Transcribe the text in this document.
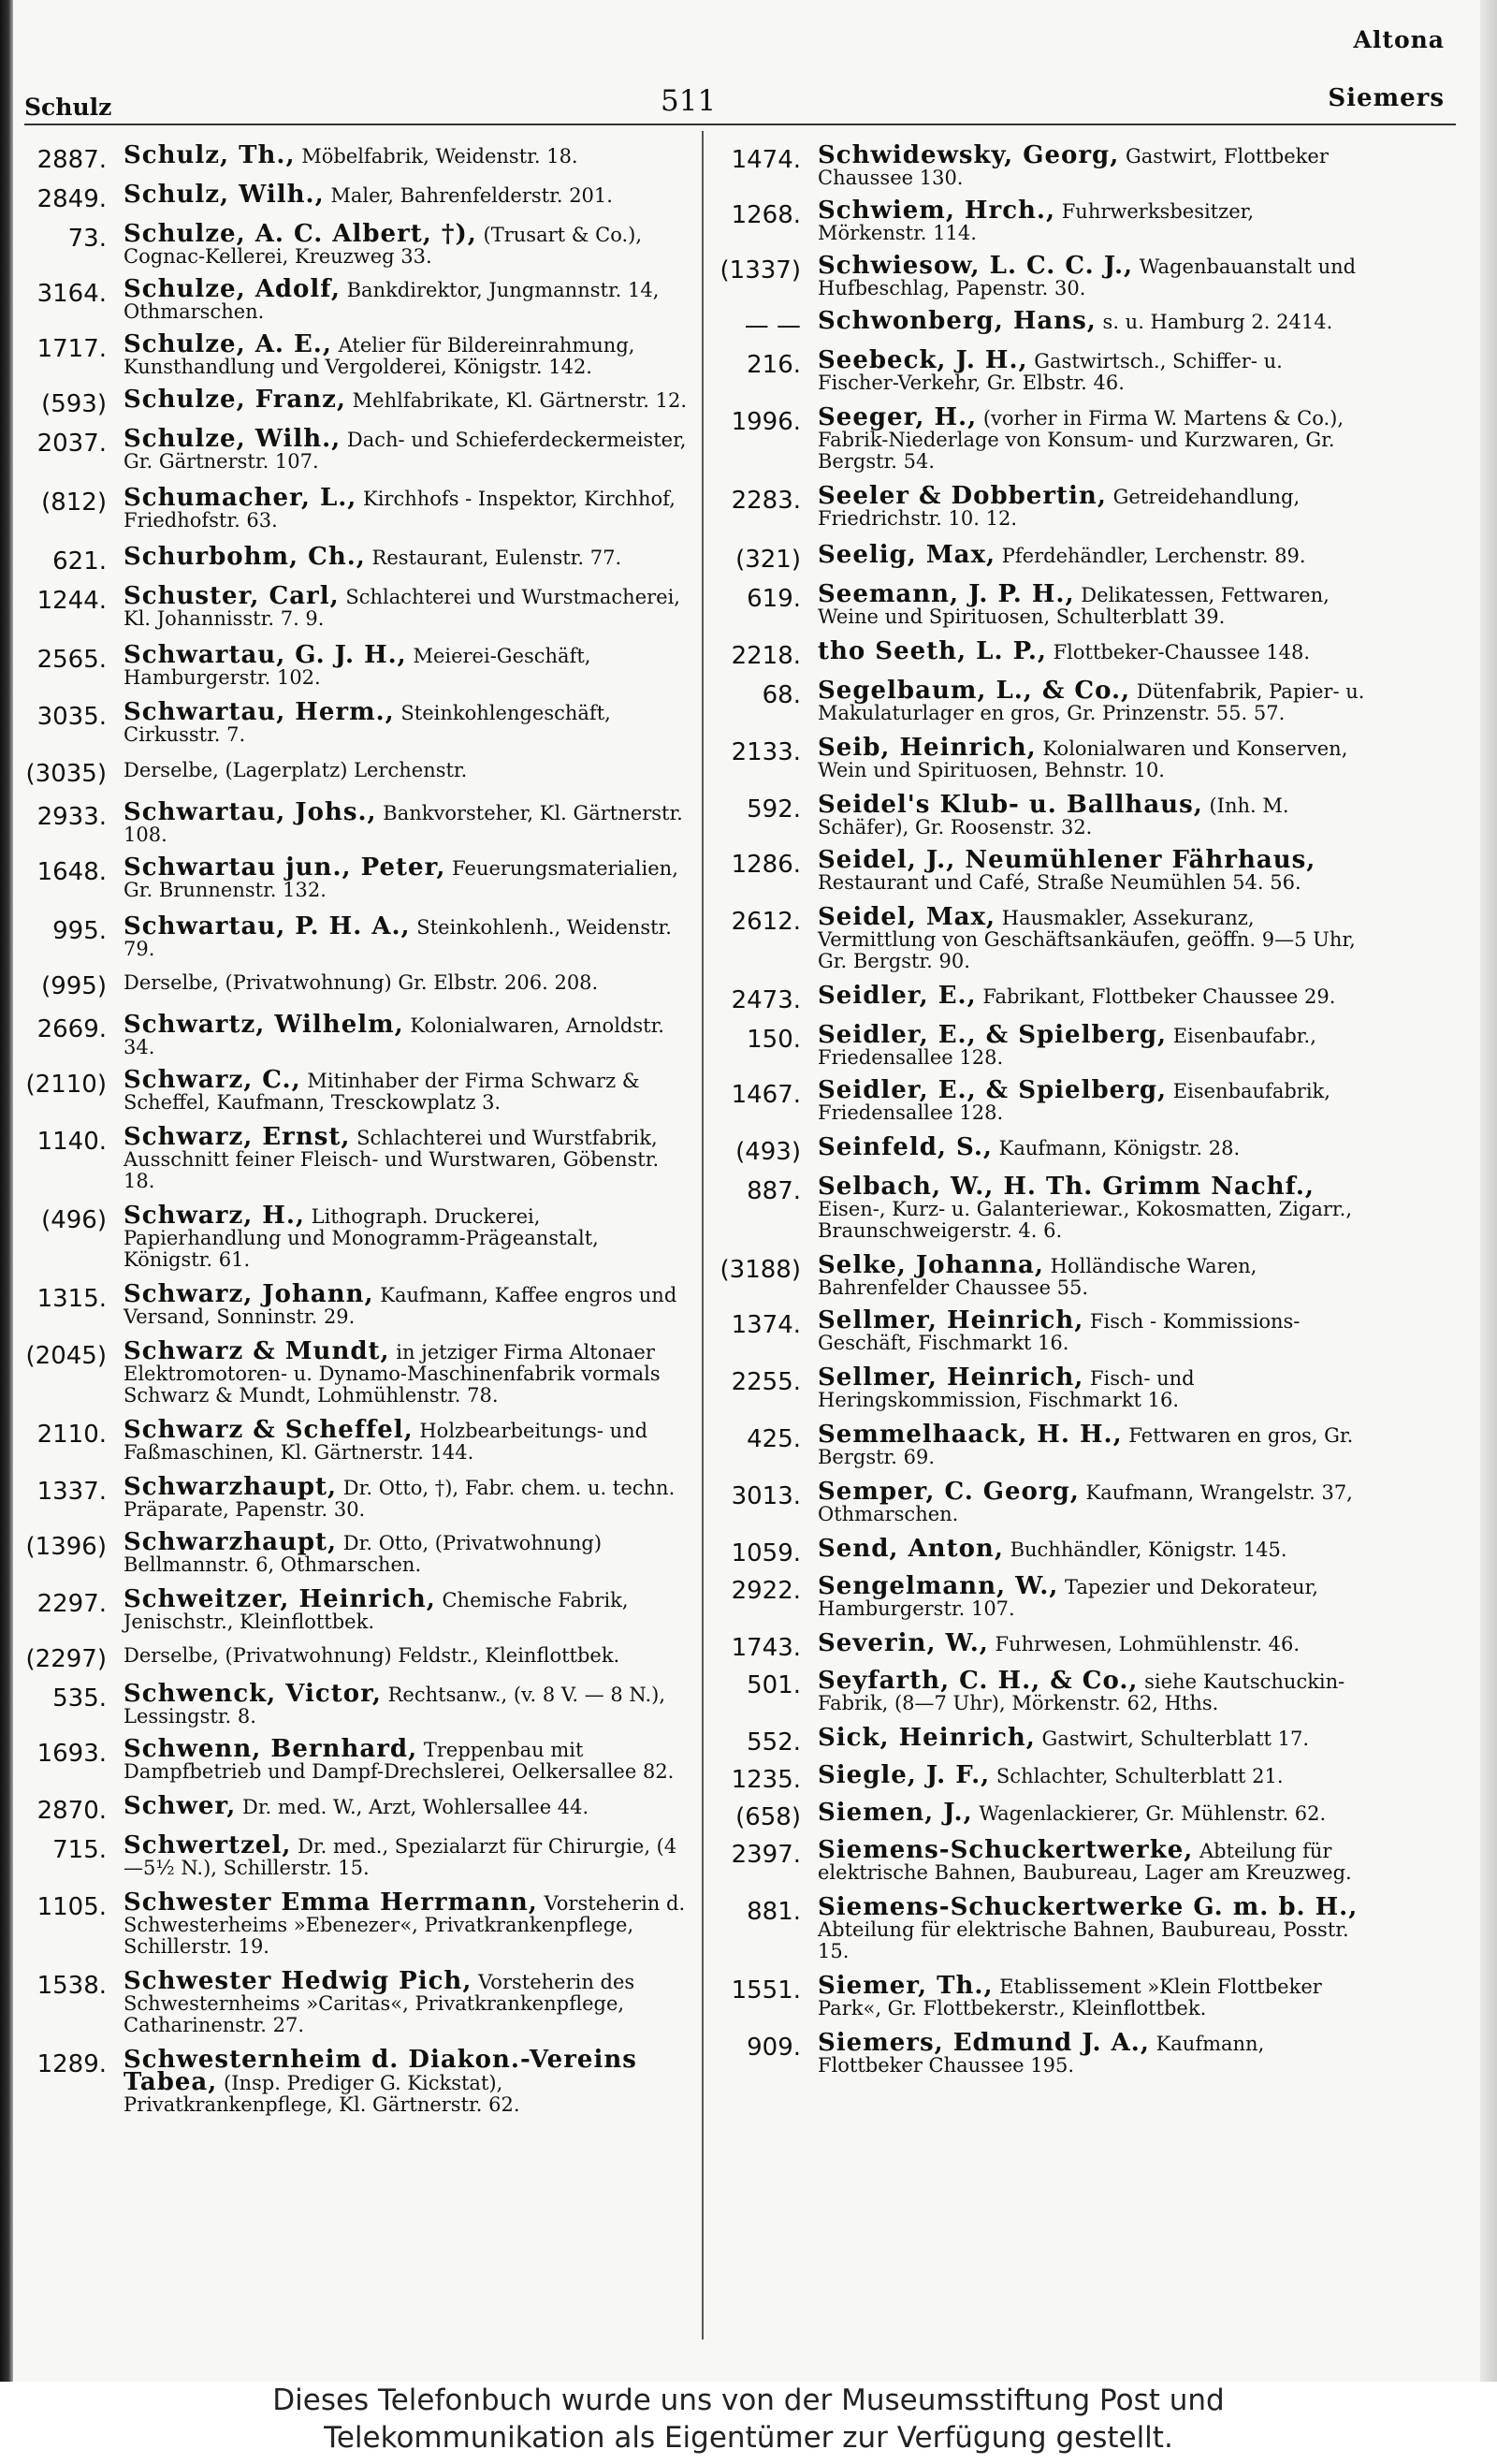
Altona
Schulz	511	Siemers
2887. Schulz, Th., Möbelfabrik, Weidenstr. 18.
2849. Schulz, Wilh., Maler, Bahrenfelderstr. 201.
73. Schulze, A. C. Albert, †), (Trusart & Co.), Cognac-Kellerei, Kreuzweg 33.
3164. Schulze, Adolf, Bankdirektor, Jungmannstr. 14, Othmarschen.
1717. Schulze, A. E., Atelier für Bildereinrahmung, Kunsthandlung und Vergolderei, Königstr. 142.
(593) Schulze, Franz, Mehlfabrikate, Kl. Gärtnerstr. 12.
2037. Schulze, Wilh., Dach- und Schieferdeckermeister, Gr. Gärtnerstr. 107.
(812) Schumacher, L., Kirchhofs - Inspektor, Kirchhof, Friedhofstr. 63.
621. Schurbohm, Ch., Restaurant, Eulenstr. 77.
1244. Schuster, Carl, Schlachterei und Wurstmacherei, Kl. Johannisstr. 7. 9.
2565. Schwartau, G. J. H., Meierei-Geschäft, Hamburgerstr. 102.
3035. Schwartau, Herm., Steinkohlengeschäft, Cirkusstr. 7.
(3035) Derselbe, (Lagerplatz) Lerchenstr.
2933. Schwartau, Johs., Bankvorsteher, Kl. Gärtnerstr. 108.
1648. Schwartau jun., Peter, Feuerungsmaterialien, Gr. Brunnenstr. 132.
995. Schwartau, P. H. A., Steinkohlenh., Weidenstr. 79.
(995) Derselbe, (Privatwohnung) Gr. Elbstr. 206. 208.
2669. Schwartz, Wilhelm, Kolonialwaren, Arnoldstr. 34.
(2110) Schwarz, C., Mitinhaber der Firma Schwarz & Scheffel, Kaufmann, Tresckowplatz 3.
1140. Schwarz, Ernst, Schlachterei und Wurstfabrik, Ausschnitt feiner Fleisch- und Wurstwaren, Göbenstr. 18.
(496) Schwarz, H., Lithograph. Druckerei, Papierhandlung und Monogramm-Prägeanstalt, Königstr. 61.
1315. Schwarz, Johann, Kaufmann, Kaffee engros und Versand, Sonninstr. 29.
(2045) Schwarz & Mundt, in jetziger Firma Altonaer Elektromotoren- u. Dynamo-Maschinenfabrik vormals Schwarz & Mundt, Lohmühlenstr. 78.
2110. Schwarz & Scheffel, Holzbearbeitungs- und Faßmaschinen, Kl. Gärtnerstr. 144.
1337. Schwarzhaupt, Dr. Otto, †), Fabr. chem. u. techn. Präparate, Papenstr. 30.
(1396) Schwarzhaupt, Dr. Otto, (Privatwohnung) Bellmannstr. 6, Othmarschen.
2297. Schweitzer, Heinrich, Chemische Fabrik, Jenischstr., Kleinflottbek.
(2297) Derselbe, (Privatwohnung) Feldstr., Kleinflottbek.
535. Schwenck, Victor, Rechtsanw., (v. 8 V. — 8 N.), Lessingstr. 8.
1693. Schwenn, Bernhard, Treppenbau mit Dampfbetrieb und Dampf-Drechslerei, Oelkersallee 82.
2870. Schwer, Dr. med. W., Arzt, Wohlersallee 44.
715. Schwertzel, Dr. med., Spezialarzt für Chirurgie, (4—5½ N.), Schillerstr. 15.
1105. Schwester Emma Herrmann, Vorsteherin d. Schwesterheims »Ebenezer«, Privatkrankenpflege, Schillerstr. 19.
1538. Schwester Hedwig Pich, Vorsteherin des Schwesternheims »Caritas«, Privatkrankenpflege, Catharinenstr. 27.
1289. Schwesternheim d. Diakon.-Vereins Tabea, (Insp. Prediger G. Kickstat), Privatkrankenpflege, Kl. Gärtnerstr. 62.
1474. Schwidewsky, Georg, Gastwirt, Flottbeker Chaussee 130.
1268. Schwiem, Hrch., Fuhrwerksbesitzer, Mörkenstr. 114.
(1337) Schwiesow, L. C. C. J., Wagenbauanstalt und Hufbeschlag, Papenstr. 30.
— — Schwonberg, Hans, s. u. Hamburg 2. 2414.
216. Seebeck, J. H., Gastwirtsch., Schiffer- u. Fischer-Verkehr, Gr. Elbstr. 46.
1996. Seeger, H., (vorher in Firma W. Martens & Co.), Fabrik-Niederlage von Konsum- und Kurzwaren, Gr. Bergstr. 54.
2283. Seeler & Dobbertin, Getreidehandlung, Friedrichstr. 10. 12.
(321) Seelig, Max, Pferdehändler, Lerchenstr. 89.
619. Seemann, J. P. H., Delikatessen, Fettwaren, Weine und Spirituosen, Schulterblatt 39.
2218. tho Seeth, L. P., Flottbeker-Chaussee 148.
68. Segelbaum, L., & Co., Dütenfabrik, Papier- u. Makulaturlager en gros, Gr. Prinzenstr. 55. 57.
2133. Seib, Heinrich, Kolonialwaren und Konserven, Wein und Spirituosen, Behnstr. 10.
592. Seidel's Klub- u. Ballhaus, (Inh. M. Schäfer), Gr. Roosenstr. 32.
1286. Seidel, J., Neumühlener Fährhaus, Restaurant und Café, Straße Neumühlen 54. 56.
2612. Seidel, Max, Hausmakler, Assekuranz, Vermittlung von Geschäftsankäufen, geöffn. 9—5 Uhr, Gr. Bergstr. 90.
2473. Seidler, E., Fabrikant, Flottbeker Chaussee 29.
150. Seidler, E., & Spielberg, Eisenbaufabr., Friedensallee 128.
1467. Seidler, E., & Spielberg, Eisenbaufabrik, Friedensallee 128.
(493) Seinfeld, S., Kaufmann, Königstr. 28.
887. Selbach, W., H. Th. Grimm Nachf., Eisen-, Kurz- u. Galanteriewar., Kokosmatten, Zigarr., Braunschweigerstr. 4. 6.
(3188) Selke, Johanna, Holländische Waren, Bahrenfelder Chaussee 55.
1374. Sellmer, Heinrich, Fisch - Kommissions-Geschäft, Fischmarkt 16.
2255. Sellmer, Heinrich, Fisch- und Heringskommission, Fischmarkt 16.
425. Semmelhaack, H. H., Fettwaren en gros, Gr. Bergstr. 69.
3013. Semper, C. Georg, Kaufmann, Wrangelstr. 37, Othmarschen.
1059. Send, Anton, Buchhändler, Königstr. 145.
2922. Sengelmann, W., Tapezier und Dekorateur, Hamburgerstr. 107.
1743. Severin, W., Fuhrwesen, Lohmühlenstr. 46.
501. Seyfarth, C. H., & Co., siehe Kautschuckin-Fabrik, (8—7 Uhr), Mörkenstr. 62, Hths.
552. Sick, Heinrich, Gastwirt, Schulterblatt 17.
1235. Siegle, J. F., Schlachter, Schulterblatt 21.
(658) Siemen, J., Wagenlackierer, Gr. Mühlenstr. 62.
2397. Siemens-Schuckertwerke, Abteilung für elektrische Bahnen, Baubureau, Lager am Kreuzweg.
881. Siemens-Schuckertwerke G. m. b. H., Abteilung für elektrische Bahnen, Baubureau, Posstr. 15.
1551. Siemer, Th., Etablissement »Klein Flottbeker Park«, Gr. Flottbekerstr., Kleinflottbek.
909. Siemers, Edmund J. A., Kaufmann, Flottbeker Chaussee 195.
Dieses Telefonbuch wurde uns von der Museumsstiftung Post und
Telekommunikation als Eigentümer zur Verfügung gestellt.
